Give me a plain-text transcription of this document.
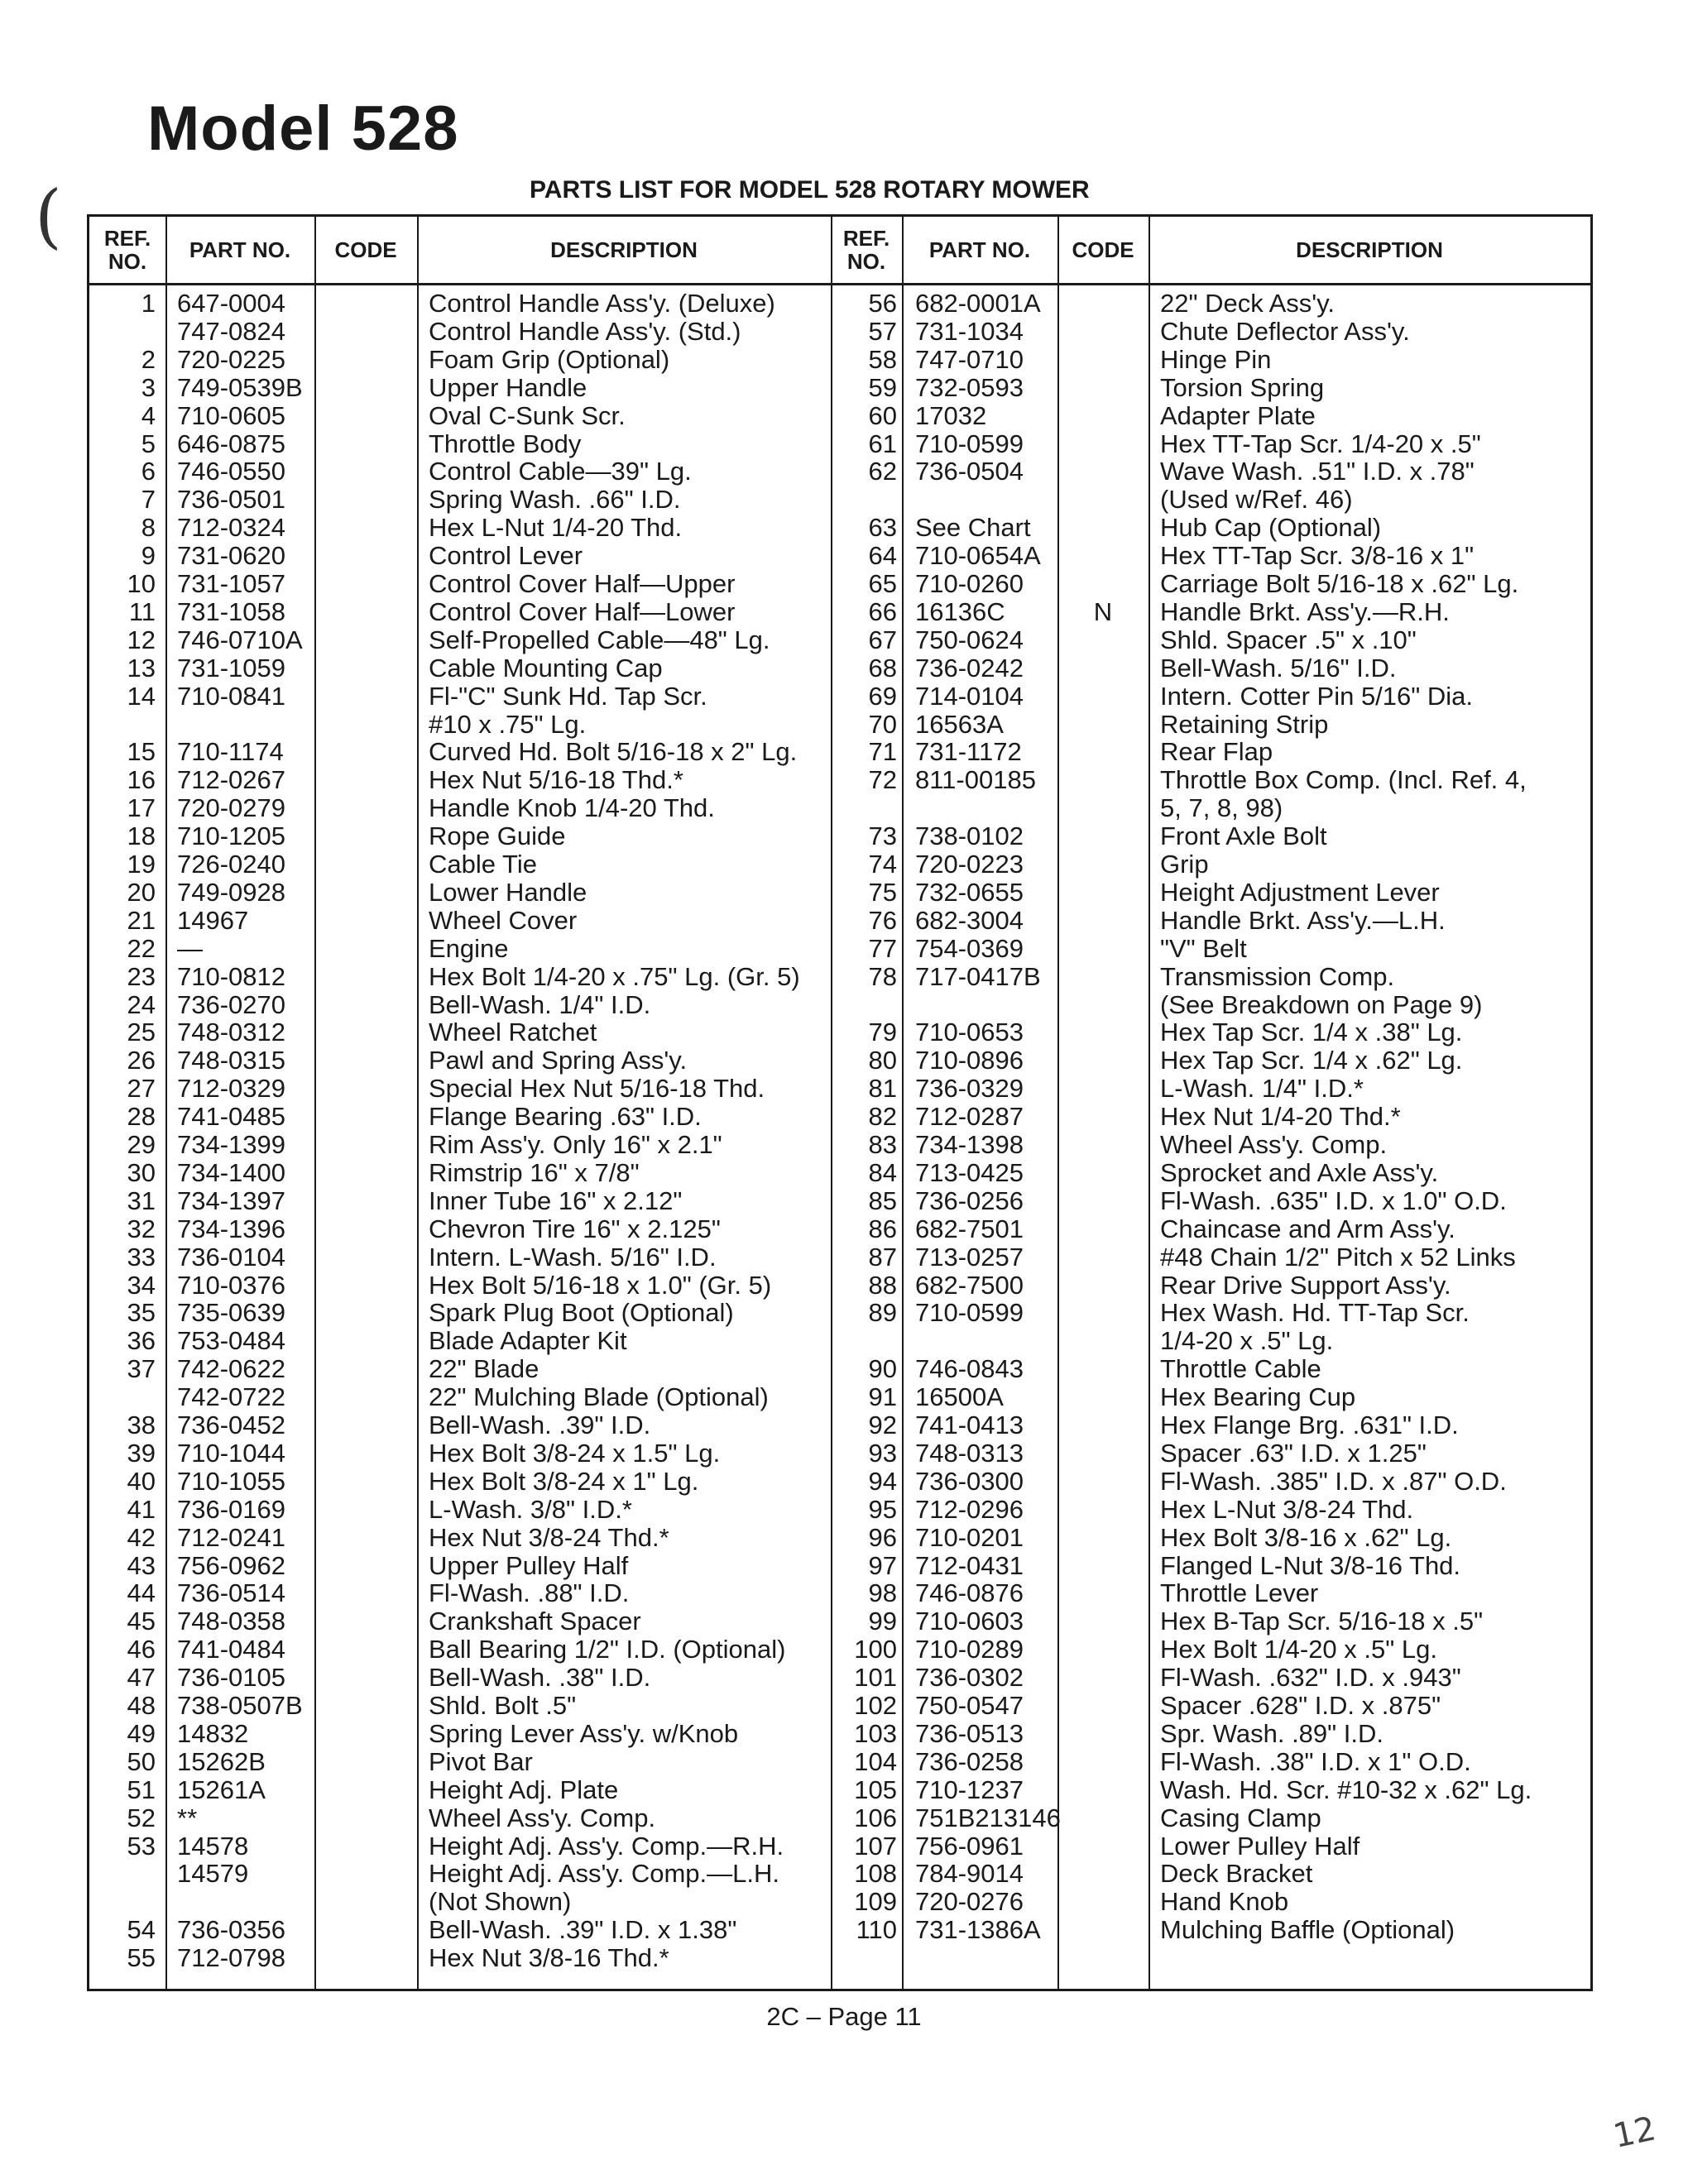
(
Model 528
PARTS LIST FOR MODEL 528 ROTARY MOWER
REF. NO.	PART NO.	CODE	DESCRIPTION	REF. NO.	PART NO.	CODE	DESCRIPTION
1 647-0004	Control Handle Ass'y. (Deluxe)
747-0824	Control Handle Ass'y. (Std.)
2 720-0225	Foam Grip (Optional)
3 749-0539B	Upper Handle
4 710-0605	Oval C-Sunk Scr.
5 646-0875	Throttle Body
6 746-0550	Control Cable—39" Lg.
7 736-0501	Spring Wash. .66" I.D.
8 712-0324	Hex L-Nut 1/4-20 Thd.
9 731-0620	Control Lever
10 731-1057	Control Cover Half—Upper
11 731-1058	Control Cover Half—Lower
12 746-0710A	Self-Propelled Cable—48" Lg.
13 731-1059	Cable Mounting Cap
14 710-0841	Fl-"C" Sunk Hd. Tap Scr.
#10 x .75" Lg.
15 710-1174	Curved Hd. Bolt 5/16-18 x 2" Lg.
16 712-0267	Hex Nut 5/16-18 Thd.*
17 720-0279	Handle Knob 1/4-20 Thd.
18 710-1205	Rope Guide
19 726-0240	Cable Tie
20 749-0928	Lower Handle
21 14967	Wheel Cover
22 —	Engine
23 710-0812	Hex Bolt 1/4-20 x .75" Lg. (Gr. 5)
24 736-0270	Bell-Wash. 1/4" I.D.
25 748-0312	Wheel Ratchet
26 748-0315	Pawl and Spring Ass'y.
27 712-0329	Special Hex Nut 5/16-18 Thd.
28 741-0485	Flange Bearing .63" I.D.
29 734-1399	Rim Ass'y. Only 16" x 2.1"
30 734-1400	Rimstrip 16" x 7/8"
31 734-1397	Inner Tube 16" x 2.12"
32 734-1396	Chevron Tire 16" x 2.125"
33 736-0104	Intern. L-Wash. 5/16" I.D.
34 710-0376	Hex Bolt 5/16-18 x 1.0" (Gr. 5)
35 735-0639	Spark Plug Boot (Optional)
36 753-0484	Blade Adapter Kit
37 742-0622	22" Blade
742-0722	22" Mulching Blade (Optional)
38 736-0452	Bell-Wash. .39" I.D.
39 710-1044	Hex Bolt 3/8-24 x 1.5" Lg.
40 710-1055	Hex Bolt 3/8-24 x 1" Lg.
41 736-0169	L-Wash. 3/8" I.D.*
42 712-0241	Hex Nut 3/8-24 Thd.*
43 756-0962	Upper Pulley Half
44 736-0514	Fl-Wash. .88" I.D.
45 748-0358	Crankshaft Spacer
46 741-0484	Ball Bearing 1/2" I.D. (Optional)
47 736-0105	Bell-Wash. .38" I.D.
48 738-0507B	Shld. Bolt .5"
49 14832	Spring Lever Ass'y. w/Knob
50 15262B	Pivot Bar
51 15261A	Height Adj. Plate
52 **	Wheel Ass'y. Comp.
53 14578	Height Adj. Ass'y. Comp.—R.H.
14579	Height Adj. Ass'y. Comp.—L.H.
(Not Shown)
54 736-0356	Bell-Wash. .39" I.D. x 1.38"
55 712-0798	Hex Nut 3/8-16 Thd.*
56 682-0001A	22" Deck Ass'y.
57 731-1034	Chute Deflector Ass'y.
58 747-0710	Hinge Pin
59 732-0593	Torsion Spring
60 17032	Adapter Plate
61 710-0599	Hex TT-Tap Scr. 1/4-20 x .5"
62 736-0504	Wave Wash. .51" I.D. x .78"
(Used w/Ref. 46)
63 See Chart	Hub Cap (Optional)
64 710-0654A	Hex TT-Tap Scr. 3/8-16 x 1"
65 710-0260	Carriage Bolt 5/16-18 x .62" Lg.
66 16136C	N	Handle Brkt. Ass'y.—R.H.
67 750-0624	Shld. Spacer .5" x .10"
68 736-0242	Bell-Wash. 5/16" I.D.
69 714-0104	Intern. Cotter Pin 5/16" Dia.
70 16563A	Retaining Strip
71 731-1172	Rear Flap
72 811-00185	Throttle Box Comp. (Incl. Ref. 4,
5, 7, 8, 98)
73 738-0102	Front Axle Bolt
74 720-0223	Grip
75 732-0655	Height Adjustment Lever
76 682-3004	Handle Brkt. Ass'y.—L.H.
77 754-0369	"V" Belt
78 717-0417B	Transmission Comp.
(See Breakdown on Page 9)
79 710-0653	Hex Tap Scr. 1/4 x .38" Lg.
80 710-0896	Hex Tap Scr. 1/4 x .62" Lg.
81 736-0329	L-Wash. 1/4" I.D.*
82 712-0287	Hex Nut 1/4-20 Thd.*
83 734-1398	Wheel Ass'y. Comp.
84 713-0425	Sprocket and Axle Ass'y.
85 736-0256	Fl-Wash. .635" I.D. x 1.0" O.D.
86 682-7501	Chaincase and Arm Ass'y.
87 713-0257	#48 Chain 1/2" Pitch x 52 Links
88 682-7500	Rear Drive Support Ass'y.
89 710-0599	Hex Wash. Hd. TT-Tap Scr.
1/4-20 x .5" Lg.
90 746-0843	Throttle Cable
91 16500A	Hex Bearing Cup
92 741-0413	Hex Flange Brg. .631" I.D.
93 748-0313	Spacer .63" I.D. x 1.25"
94 736-0300	Fl-Wash. .385" I.D. x .87" O.D.
95 712-0296	Hex L-Nut 3/8-24 Thd.
96 710-0201	Hex Bolt 3/8-16 x .62" Lg.
97 712-0431	Flanged L-Nut 3/8-16 Thd.
98 746-0876	Throttle Lever
99 710-0603	Hex B-Tap Scr. 5/16-18 x .5"
100 710-0289	Hex Bolt 1/4-20 x .5" Lg.
101 736-0302	Fl-Wash. .632" I.D. x .943"
102 750-0547	Spacer .628" I.D. x .875"
103 736-0513	Spr. Wash. .89" I.D.
104 736-0258	Fl-Wash. .38" I.D. x 1" O.D.
105 710-1237	Wash. Hd. Scr. #10-32 x .62" Lg.
106 751B213146	Casing Clamp
107 756-0961	Lower Pulley Half
108 784-9014	Deck Bracket
109 720-0276	Hand Knob
110 731-1386A	Mulching Baffle (Optional)
2C – Page 11
12
